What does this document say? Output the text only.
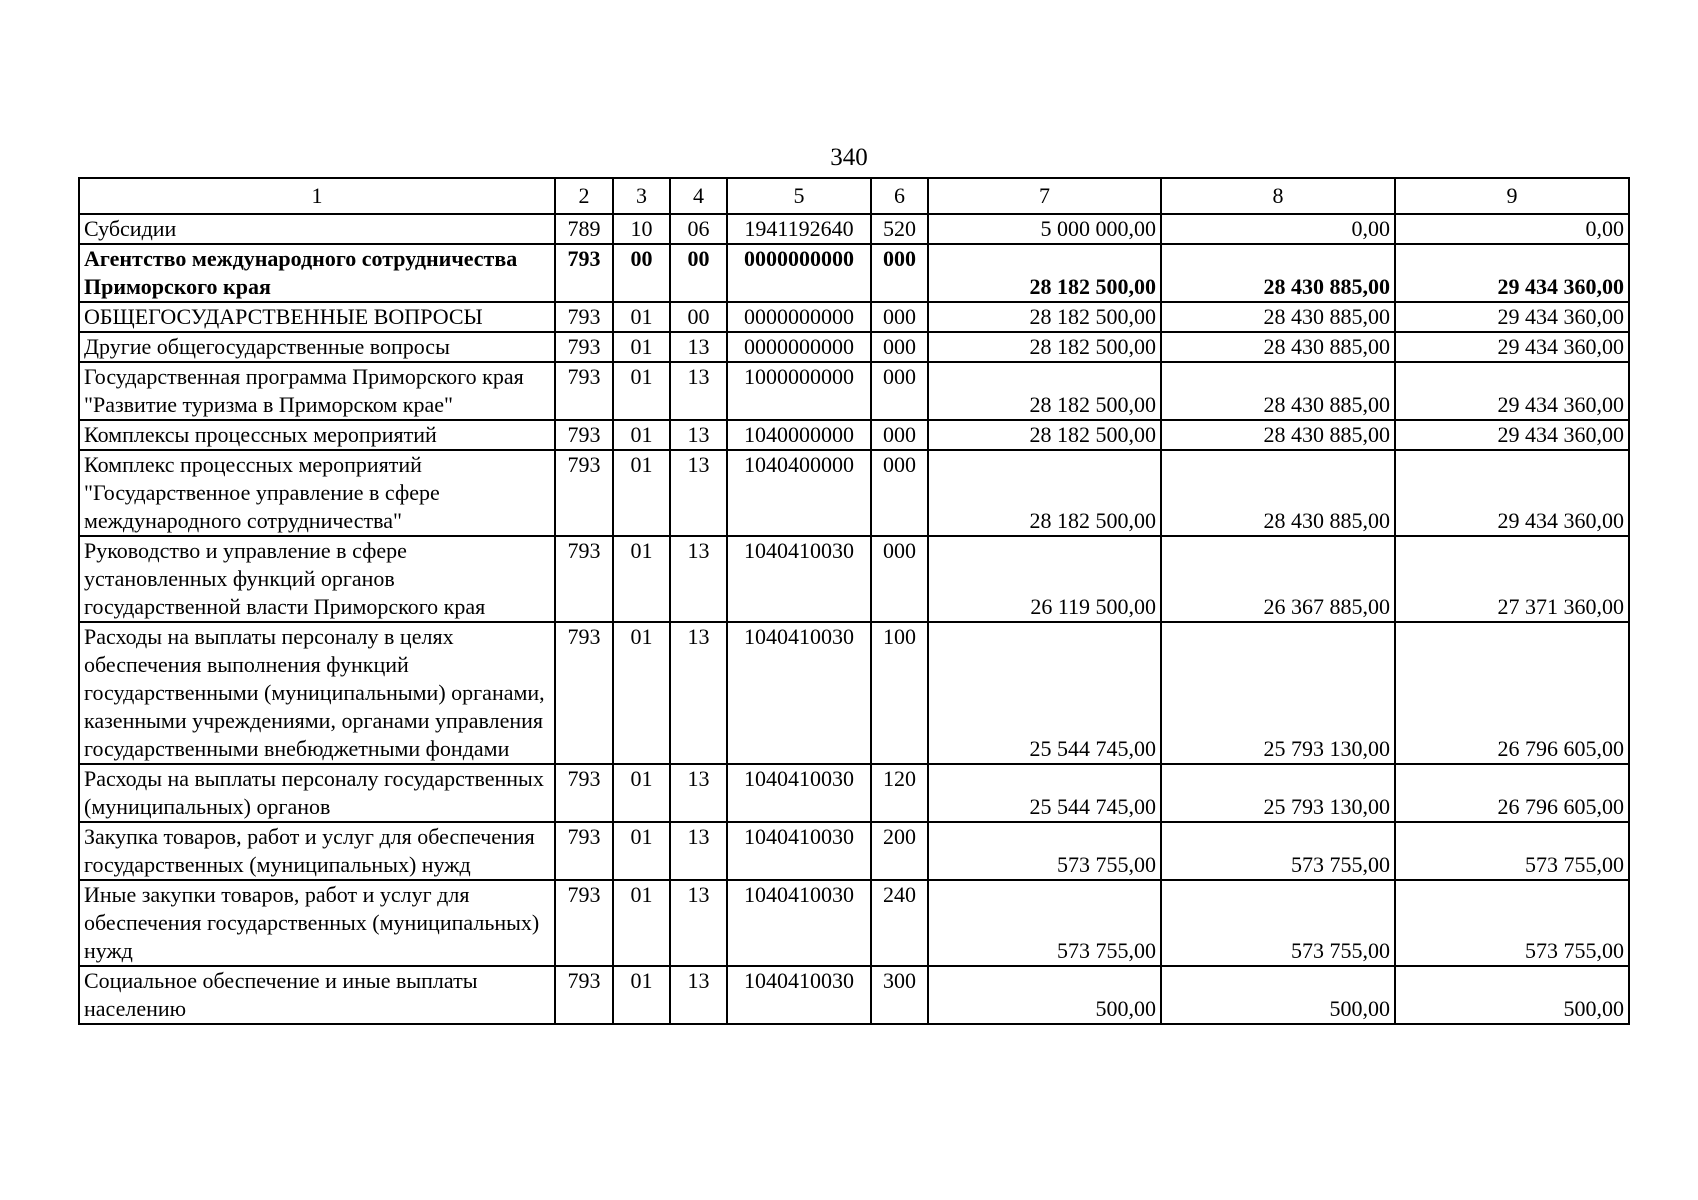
340
1	2	3	4	5	6	7	8	9
Субсидии	789	10	06	1941192640	520	5 000 000,00	0,00	0,00
Агентство международного сотрудничества Приморского края	793	00	00	0000000000	000	28 182 500,00	28 430 885,00	29 434 360,00
ОБЩЕГОСУДАРСТВЕННЫЕ ВОПРОСЫ	793	01	00	0000000000	000	28 182 500,00	28 430 885,00	29 434 360,00
Другие общегосударственные вопросы	793	01	13	0000000000	000	28 182 500,00	28 430 885,00	29 434 360,00
Государственная программа Приморского края "Развитие туризма в Приморском крае"	793	01	13	1000000000	000	28 182 500,00	28 430 885,00	29 434 360,00
Комплексы процессных мероприятий	793	01	13	1040000000	000	28 182 500,00	28 430 885,00	29 434 360,00
Комплекс процессных мероприятий "Государственное управление в сфере международного сотрудничества"	793	01	13	1040400000	000	28 182 500,00	28 430 885,00	29 434 360,00
Руководство и управление в сфере установленных функций органов государственной власти Приморского края	793	01	13	1040410030	000	26 119 500,00	26 367 885,00	27 371 360,00
Расходы на выплаты персоналу в целях обеспечения выполнения функций государственными (муниципальными) органами, казенными учреждениями, органами управления государственными внебюджетными фондами	793	01	13	1040410030	100	25 544 745,00	25 793 130,00	26 796 605,00
Расходы на выплаты персоналу государственных (муниципальных) органов	793	01	13	1040410030	120	25 544 745,00	25 793 130,00	26 796 605,00
Закупка товаров, работ и услуг для обеспечения государственных (муниципальных) нужд	793	01	13	1040410030	200	573 755,00	573 755,00	573 755,00
Иные закупки товаров, работ и услуг для обеспечения государственных (муниципальных) нужд	793	01	13	1040410030	240	573 755,00	573 755,00	573 755,00
Социальное обеспечение и иные выплаты населению	793	01	13	1040410030	300	500,00	500,00	500,00
